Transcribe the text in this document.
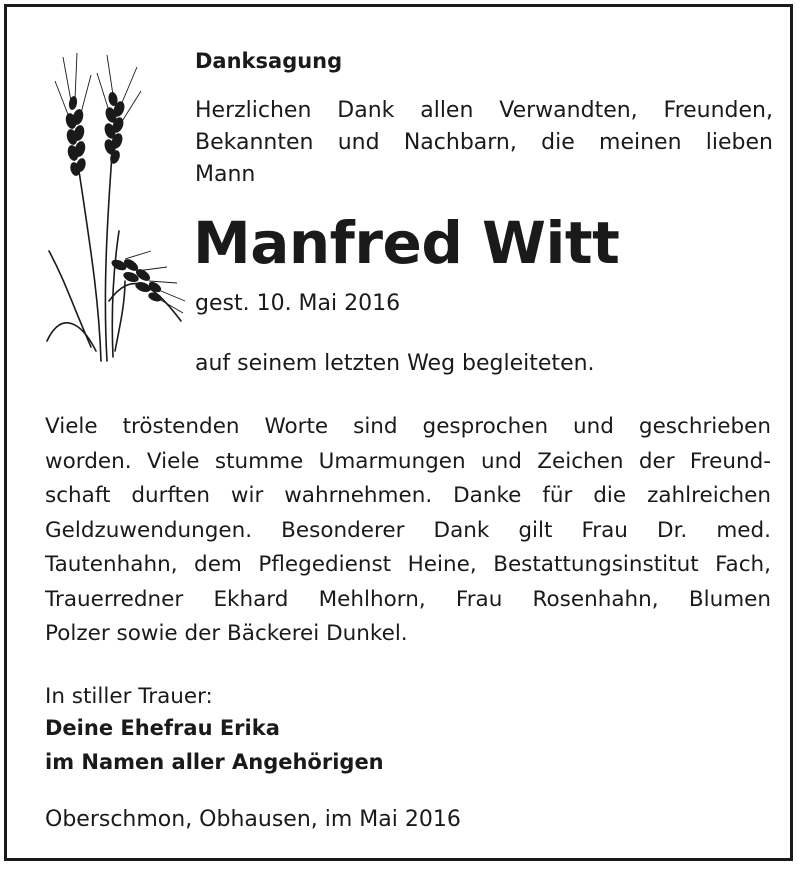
Danksagung
Herzlichen Dank allen Verwandten, Freunden,
Bekannten und Nachbarn, die meinen lieben
Mann
Manfred Witt
gest. 10. Mai 2016
auf seinem letzten Weg begleiteten.
Viele tröstenden Worte sind gesprochen und geschrieben
worden. Viele stumme Umarmungen und Zeichen der Freund-
schaft durften wir wahrnehmen. Danke für die zahlreichen
Geldzuwendungen. Besonderer Dank gilt Frau Dr. med.
Tautenhahn, dem Pflegedienst Heine, Bestattungsinstitut Fach,
Trauerredner Ekhard Mehlhorn, Frau Rosenhahn, Blumen
Polzer sowie der Bäckerei Dunkel.
In stiller Trauer:
Deine Ehefrau Erika
im Namen aller Angehörigen
Oberschmon, Obhausen, im Mai 2016
